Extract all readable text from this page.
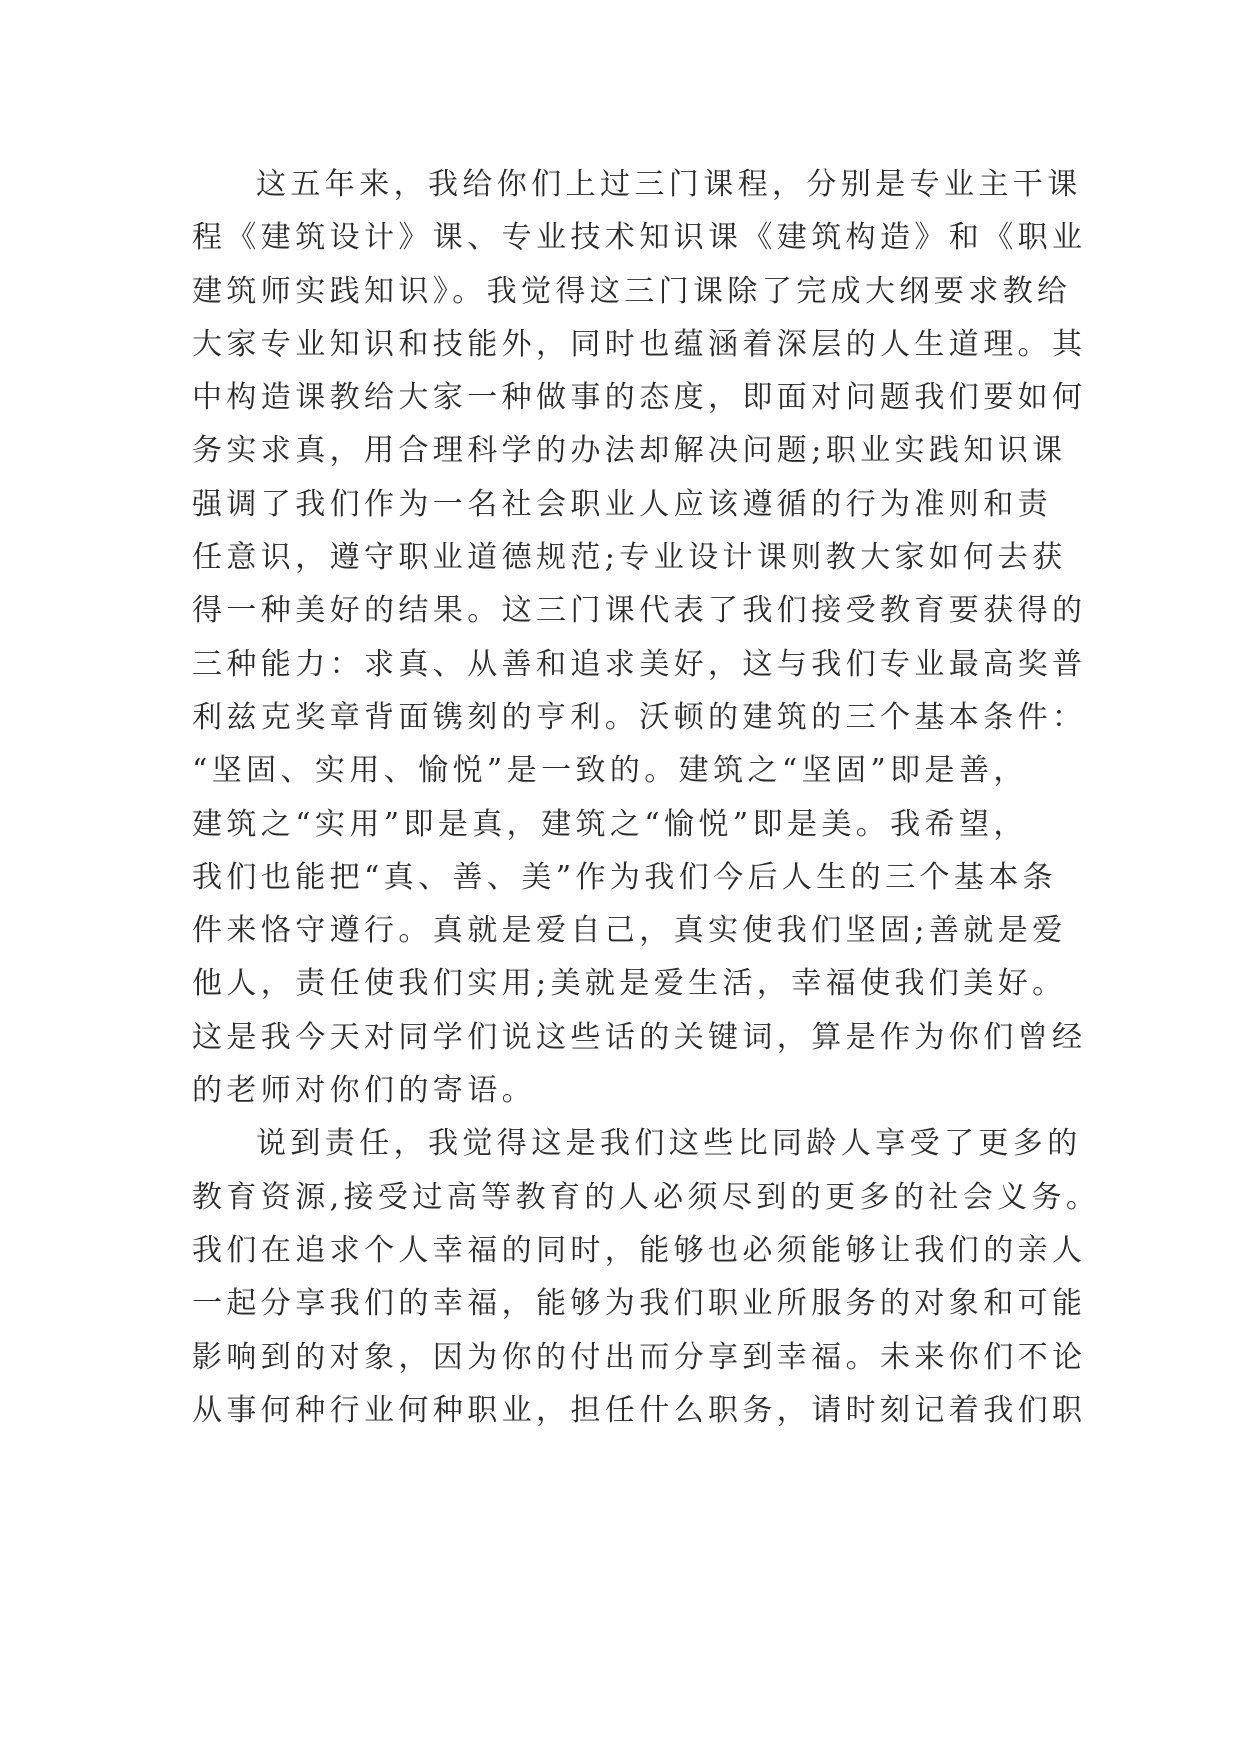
这五年来，我给你们上过三门课程，分别是专业主干课
程《建筑设计》课、专业技术知识课《建筑构造》和《职业
建筑师实践知识》。我觉得这三门课除了完成大纲要求教给
大家专业知识和技能外，同时也蕴涵着深层的人生道理。其
中构造课教给大家一种做事的态度，即面对问题我们要如何
务实求真，用合理科学的办法却解决问题;职业实践知识课
强调了我们作为一名社会职业人应该遵循的行为准则和责
任意识，遵守职业道德规范;专业设计课则教大家如何去获
得一种美好的结果。这三门课代表了我们接受教育要获得的
三种能力：求真、从善和追求美好，这与我们专业最高奖普
利兹克奖章背面镌刻的亨利。沃顿的建筑的三个基本条件：
“坚固、实用、愉悦”是一致的。建筑之“坚固”即是善，
建筑之“实用”即是真，建筑之“愉悦”即是美。我希望，
我们也能把“真、善、美”作为我们今后人生的三个基本条
件来恪守遵行。真就是爱自己，真实使我们坚固;善就是爱
他人，责任使我们实用;美就是爱生活，幸福使我们美好。
这是我今天对同学们说这些话的关键词，算是作为你们曾经
的老师对你们的寄语。
说到责任，我觉得这是我们这些比同龄人享受了更多的
教育资源,接受过高等教育的人必须尽到的更多的社会义务。
我们在追求个人幸福的同时，能够也必须能够让我们的亲人
一起分享我们的幸福，能够为我们职业所服务的对象和可能
影响到的对象，因为你的付出而分享到幸福。未来你们不论
从事何种行业何种职业，担任什么职务，请时刻记着我们职
